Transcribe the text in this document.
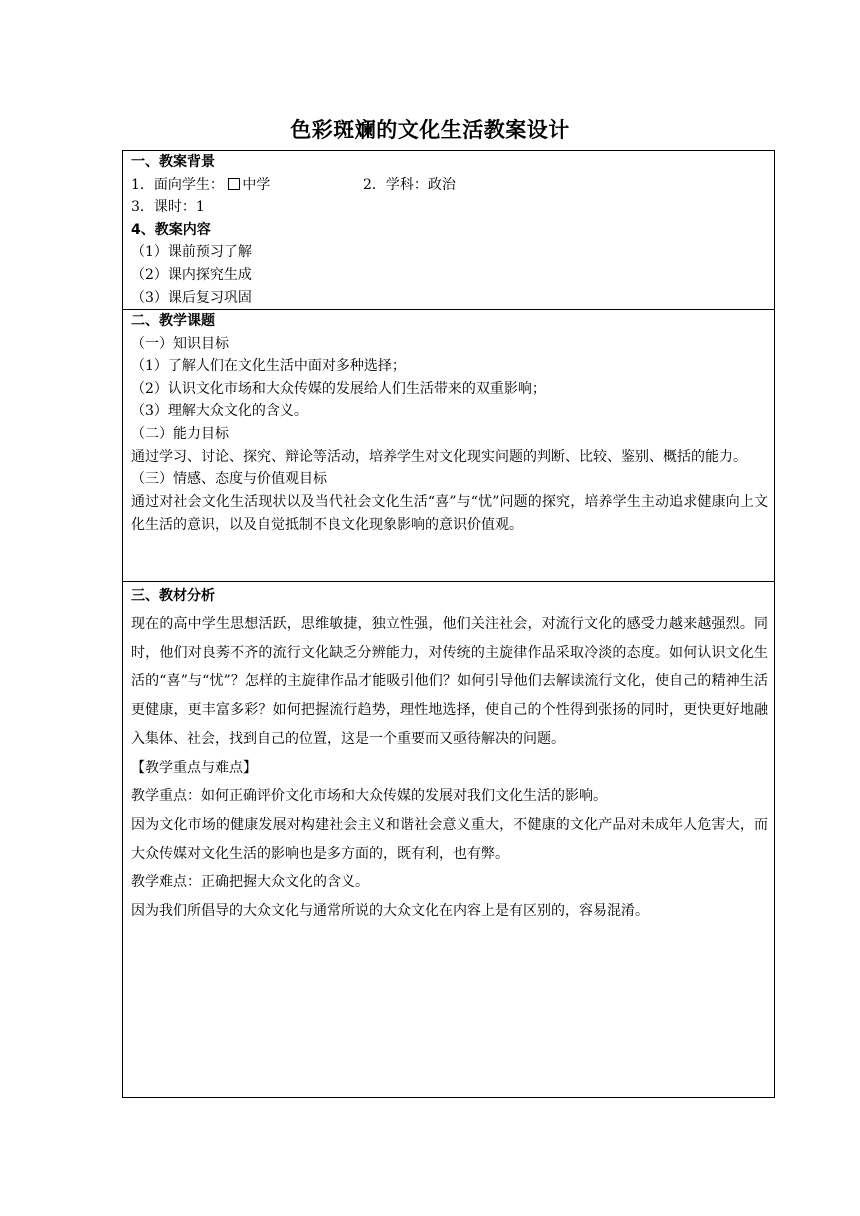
色彩斑斓的文化生活教案设计
一、教案背景
1．面向学生： 中学	2．学科：政治
3．课时：1
4、教案内容
（1）课前预习了解
（2）课内探究生成
（3）课后复习巩固
二、教学课题
（一）知识目标
（1）了解人们在文化生活中面对多种选择；
（2）认识文化市场和大众传媒的发展给人们生活带来的双重影响；
（3）理解大众文化的含义。
（二）能力目标
通过学习、讨论、探究、辩论等活动，培养学生对文化现实问题的判断、比较、鉴别、概括的能力。
（三）情感、态度与价值观目标
通过对社会文化生活现状以及当代社会文化生活“喜”与“忧”问题的探究，培养学生主动追求健康向上文化生活的意识，以及自觉抵制不良文化现象影响的意识价值观。
三、教材分析
现在的高中学生思想活跃，思维敏捷，独立性强，他们关注社会，对流行文化的感受力越来越强烈。同时，他们对良莠不齐的流行文化缺乏分辨能力，对传统的主旋律作品采取冷淡的态度。如何认识文化生活的“喜”与“忧”？怎样的主旋律作品才能吸引他们？如何引导他们去解读流行文化，使自己的精神生活更健康，更丰富多彩？如何把握流行趋势，理性地选择，使自己的个性得到张扬的同时，更快更好地融入集体、社会，找到自己的位置，这是一个重要而又亟待解决的问题。
【教学重点与难点】
教学重点：如何正确评价文化市场和大众传媒的发展对我们文化生活的影响。
因为文化市场的健康发展对构建社会主义和谐社会意义重大，不健康的文化产品对未成年人危害大，而大众传媒对文化生活的影响也是多方面的，既有利，也有弊。
教学难点：正确把握大众文化的含义。
因为我们所倡导的大众文化与通常所说的大众文化在内容上是有区别的，容易混淆。
